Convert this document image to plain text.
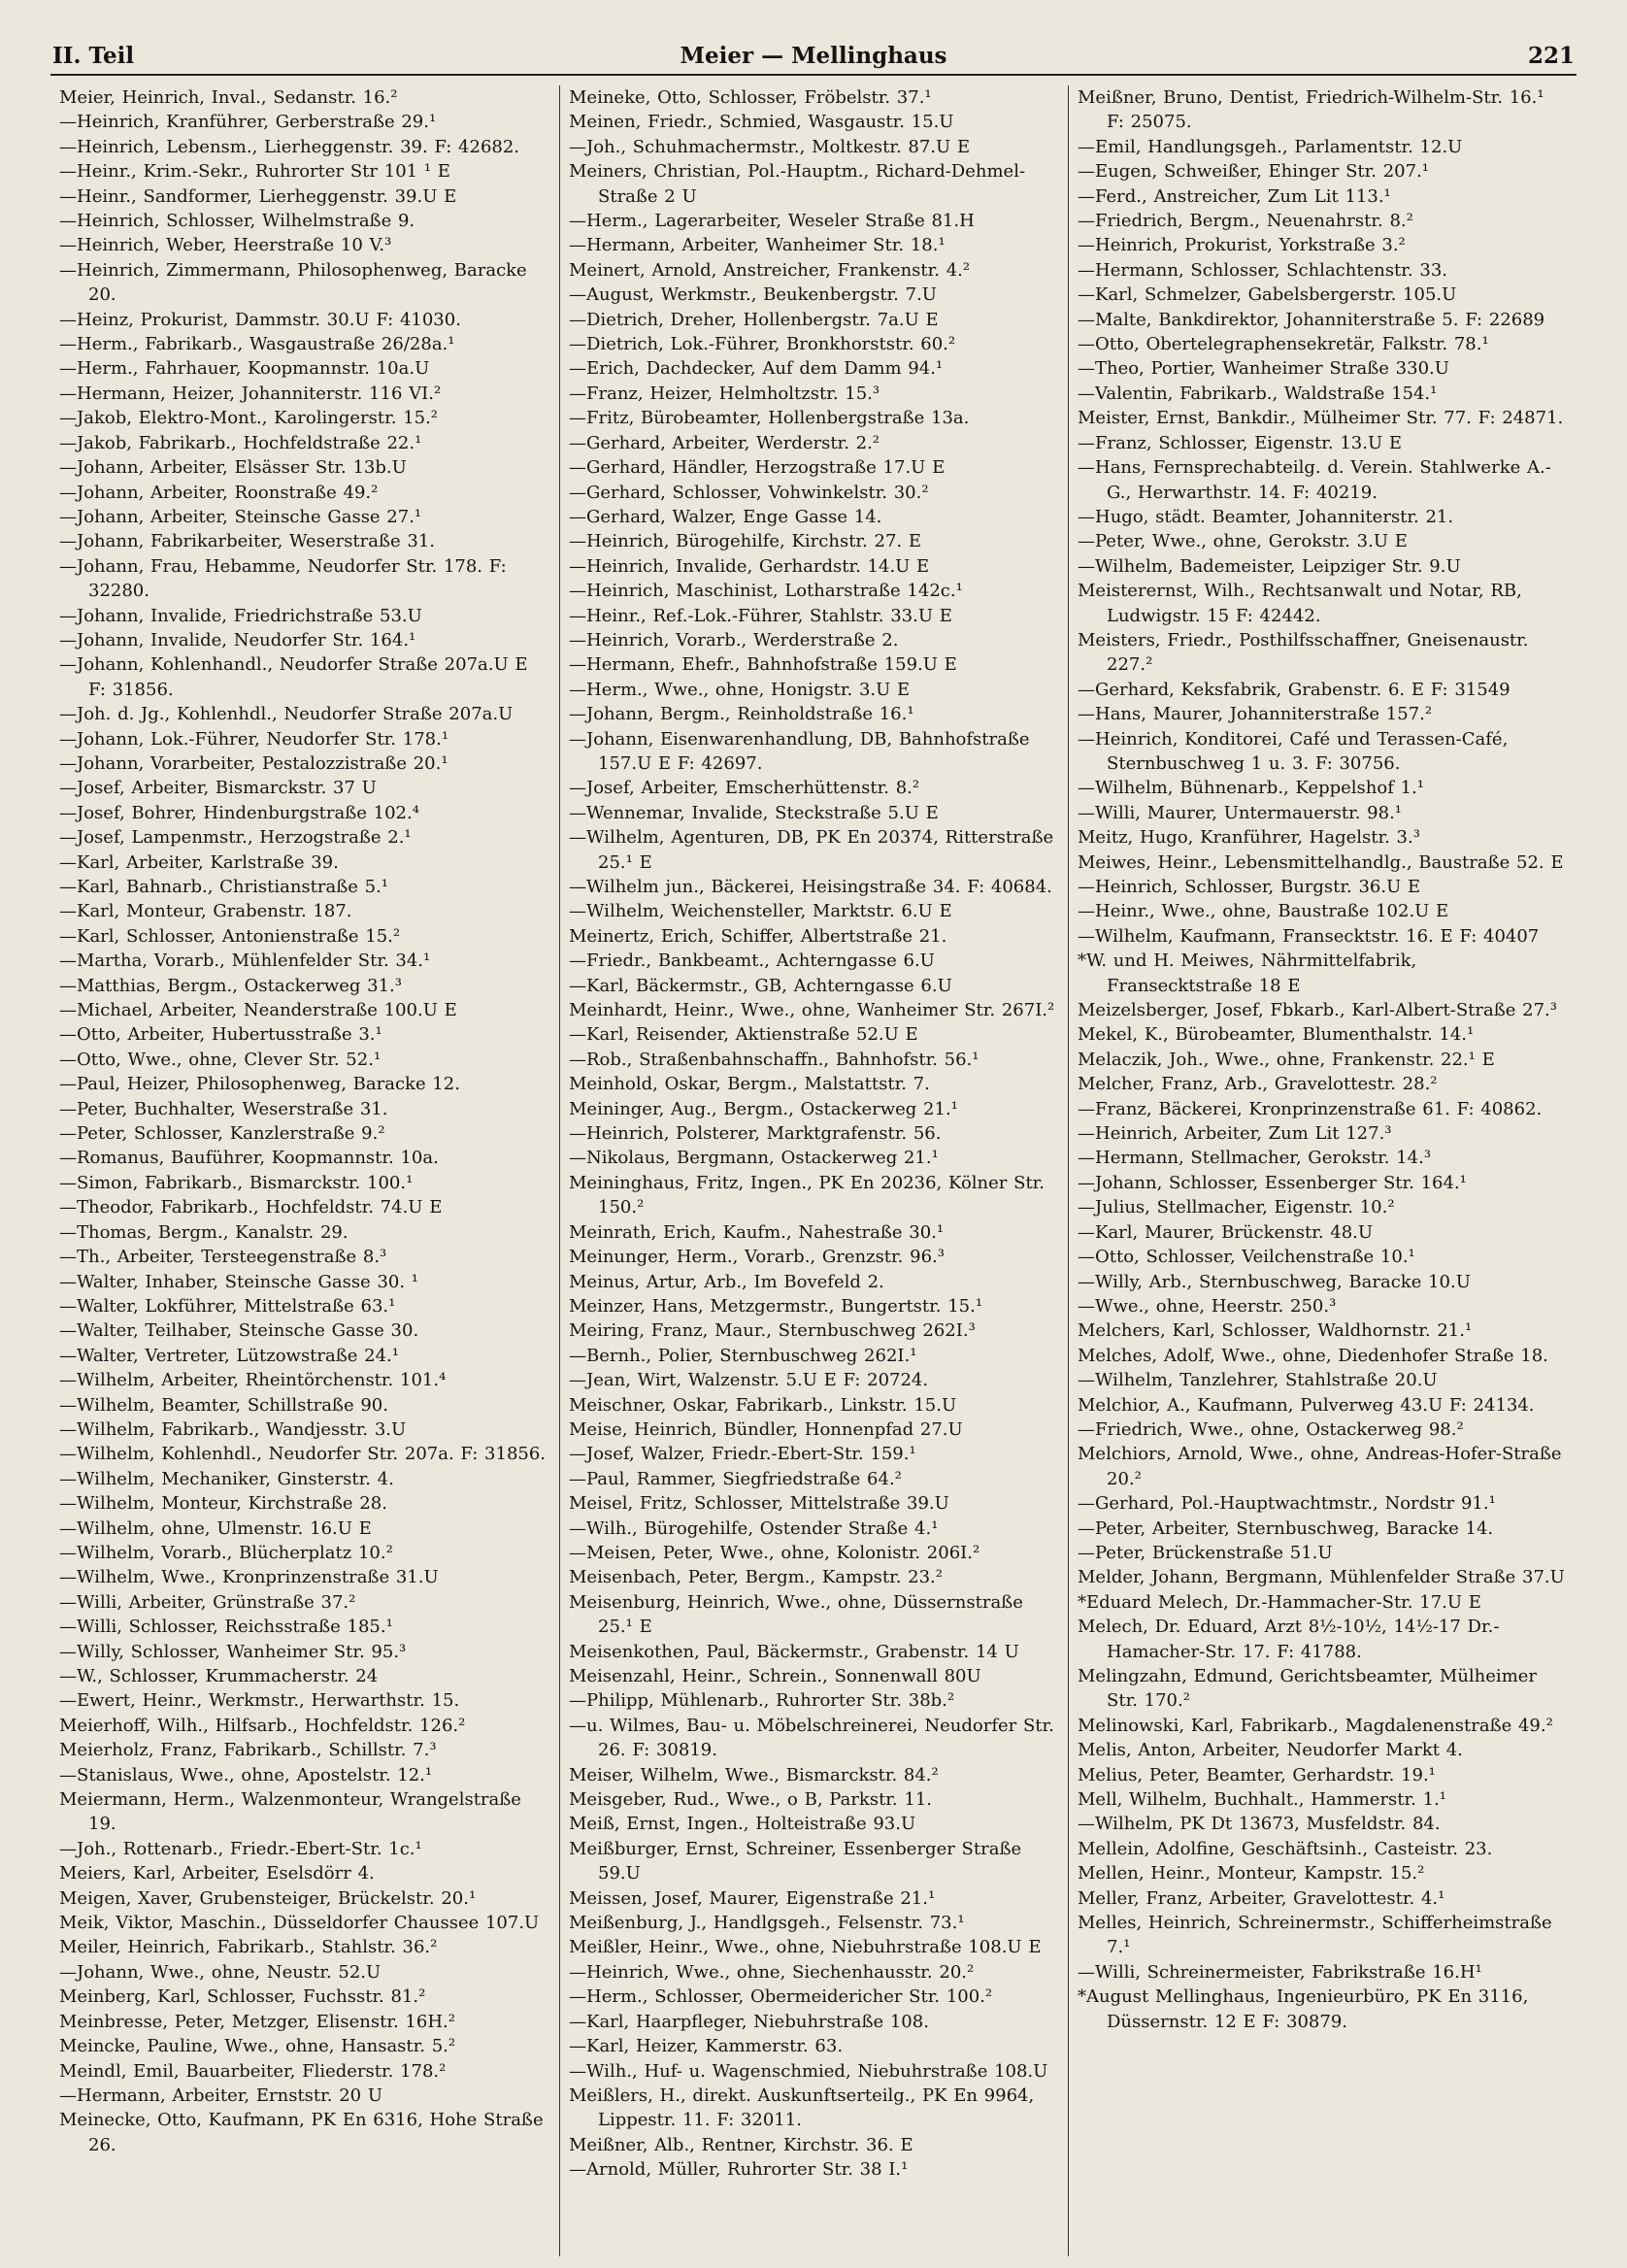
II. Teil	Meier — Mellinghaus	221

Meier, Heinrich, Inval., Sedanstr. 16.²

—Heinrich, Kranführer, Gerberstraße 29.¹

—Heinrich, Lebensm., Lierheggenstr. 39. F: 42682.

—Heinr., Krim.-Sekr., Ruhrorter Str 101 ¹ E

—Heinr., Sandformer, Lierheggenstr. 39.U E

—Heinrich, Schlosser, Wilhelmstraße 9.

—Heinrich, Weber, Heerstraße 10 V.³

—Heinrich, Zimmermann, Philosophenweg, Baracke 20.

—Heinz, Prokurist, Dammstr. 30.U F: 41030.

—Herm., Fabrikarb., Wasgaustraße 26/28a.¹

—Herm., Fahrhauer, Koopmannstr. 10a.U

—Hermann, Heizer, Johanniterstr. 116 VI.²

—Jakob, Elektro-Mont., Karolingerstr. 15.²

—Jakob, Fabrikarb., Hochfeldstraße 22.¹

—Johann, Arbeiter, Elsässer Str. 13b.U

—Johann, Arbeiter, Roonstraße 49.²

—Johann, Arbeiter, Steinsche Gasse 27.¹

—Johann, Fabrikarbeiter, Weserstraße 31.

—Johann, Frau, Hebamme, Neudorfer Str. 178. F: 32280.

—Johann, Invalide, Friedrichstraße 53.U

—Johann, Invalide, Neudorfer Str. 164.¹

—Johann, Kohlenhandl., Neudorfer Straße 207a.U E F: 31856.

—Joh. d. Jg., Kohlenhdl., Neudorfer Straße 207a.U

—Johann, Lok.-Führer, Neudorfer Str. 178.¹

—Johann, Vorarbeiter, Pestalozzistraße 20.¹

—Josef, Arbeiter, Bismarckstr. 37 U

—Josef, Bohrer, Hindenburgstraße 102.⁴

—Josef, Lampenmstr., Herzogstraße 2.¹

—Karl, Arbeiter, Karlstraße 39.

—Karl, Bahnarb., Christianstraße 5.¹

—Karl, Monteur, Grabenstr. 187.

—Karl, Schlosser, Antonienstraße 15.²

—Martha, Vorarb., Mühlenfelder Str. 34.¹

—Matthias, Bergm., Ostackerweg 31.³

—Michael, Arbeiter, Neanderstraße 100.U E

—Otto, Arbeiter, Hubertusstraße 3.¹

—Otto, Wwe., ohne, Clever Str. 52.¹

—Paul, Heizer, Philosophenweg, Baracke 12.

—Peter, Buchhalter, Weserstraße 31.

—Peter, Schlosser, Kanzlerstraße 9.²

—Romanus, Bauführer, Koopmannstr. 10a.

—Simon, Fabrikarb., Bismarckstr. 100.¹

—Theodor, Fabrikarb., Hochfeldstr. 74.U E

—Thomas, Bergm., Kanalstr. 29.

—Th., Arbeiter, Tersteegenstraße 8.³

—Walter, Inhaber, Steinsche Gasse 30. ¹

—Walter, Lokführer, Mittelstraße 63.¹

—Walter, Teilhaber, Steinsche Gasse 30.

—Walter, Vertreter, Lützowstraße 24.¹

—Wilhelm, Arbeiter, Rheintörchenstr. 101.⁴

—Wilhelm, Beamter, Schillstraße 90.

—Wilhelm, Fabrikarb., Wandjesstr. 3.U

—Wilhelm, Kohlenhdl., Neudorfer Str. 207a. F: 31856.

—Wilhelm, Mechaniker, Ginsterstr. 4.

—Wilhelm, Monteur, Kirchstraße 28.

—Wilhelm, ohne, Ulmenstr. 16.U E

—Wilhelm, Vorarb., Blücherplatz 10.²

—Wilhelm, Wwe., Kronprinzenstraße 31.U

—Willi, Arbeiter, Grünstraße 37.²

—Willi, Schlosser, Reichsstraße 185.¹

—Willy, Schlosser, Wanheimer Str. 95.³

—W., Schlosser, Krummacherstr. 24

—Ewert, Heinr., Werkmstr., Herwarthstr. 15.

Meierhoff, Wilh., Hilfsarb., Hochfeldstr. 126.²

Meierholz, Franz, Fabrikarb., Schillstr. 7.³

—Stanislaus, Wwe., ohne, Apostelstr. 12.¹

Meiermann, Herm., Walzenmonteur, Wrangelstraße 19.

—Joh., Rottenarb., Friedr.-Ebert-Str. 1c.¹

Meiers, Karl, Arbeiter, Eselsdörr 4.

Meigen, Xaver, Grubensteiger, Brückelstr. 20.¹

Meik, Viktor, Maschin., Düsseldorfer Chaussee 107.U

Meiler, Heinrich, Fabrikarb., Stahlstr. 36.²

—Johann, Wwe., ohne, Neustr. 52.U

Meinberg, Karl, Schlosser, Fuchsstr. 81.²

Meinbresse, Peter, Metzger, Elisenstr. 16H.²

Meincke, Pauline, Wwe., ohne, Hansastr. 5.²

Meindl, Emil, Bauarbeiter, Fliederstr. 178.²

—Hermann, Arbeiter, Ernststr. 20 U

Meinecke, Otto, Kaufmann, PK En 6316, Hohe Straße 26.

Meineke, Otto, Schlosser, Fröbelstr. 37.¹

Meinen, Friedr., Schmied, Wasgaustr. 15.U

—Joh., Schuhmachermstr., Moltkestr. 87.U E

Meiners, Christian, Pol.-Hauptm., Richard-Dehmel-Straße 2 U

—Herm., Lagerarbeiter, Weseler Straße 81.H

—Hermann, Arbeiter, Wanheimer Str. 18.¹

Meinert, Arnold, Anstreicher, Frankenstr. 4.²

—August, Werkmstr., Beukenbergstr. 7.U

—Dietrich, Dreher, Hollenbergstr. 7a.U E

—Dietrich, Lok.-Führer, Bronkhorststr. 60.²

—Erich, Dachdecker, Auf dem Damm 94.¹

—Franz, Heizer, Helmholtzstr. 15.³

—Fritz, Bürobeamter, Hollenbergstraße 13a.

—Gerhard, Arbeiter, Werderstr. 2.²

—Gerhard, Händler, Herzogstraße 17.U E

—Gerhard, Schlosser, Vohwinkelstr. 30.²

—Gerhard, Walzer, Enge Gasse 14.

—Heinrich, Bürogehilfe, Kirchstr. 27. E

—Heinrich, Invalide, Gerhardstr. 14.U E

—Heinrich, Maschinist, Lotharstraße 142c.¹

—Heinr., Ref.-Lok.-Führer, Stahlstr. 33.U E

—Heinrich, Vorarb., Werderstraße 2.

—Hermann, Ehefr., Bahnhofstraße 159.U E

—Herm., Wwe., ohne, Honigstr. 3.U E

—Johann, Bergm., Reinholdstraße 16.¹

—Johann, Eisenwarenhandlung, DB, Bahnhofstraße 157.U E F: 42697.

—Josef, Arbeiter, Emscherhüttenstr. 8.²

—Wennemar, Invalide, Steckstraße 5.U E

—Wilhelm, Agenturen, DB, PK En 20374, Ritterstraße 25.¹ E

—Wilhelm jun., Bäckerei, Heisingstraße 34. F: 40684.

—Wilhelm, Weichensteller, Marktstr. 6.U E

Meinertz, Erich, Schiffer, Albertstraße 21.

—Friedr., Bankbeamt., Achterngasse 6.U

—Karl, Bäckermstr., GB, Achterngasse 6.U

Meinhardt, Heinr., Wwe., ohne, Wanheimer Str. 267I.²

—Karl, Reisender, Aktienstraße 52.U E

—Rob., Straßenbahnschaffn., Bahnhofstr. 56.¹

Meinhold, Oskar, Bergm., Malstattstr. 7.

Meininger, Aug., Bergm., Ostackerweg 21.¹

—Heinrich, Polsterer, Marktgrafenstr. 56.

—Nikolaus, Bergmann, Ostackerweg 21.¹

Meininghaus, Fritz, Ingen., PK En 20236, Kölner Str. 150.²

Meinrath, Erich, Kaufm., Nahestraße 30.¹

Meinunger, Herm., Vorarb., Grenzstr. 96.³

Meinus, Artur, Arb., Im Bovefeld 2.

Meinzer, Hans, Metzgermstr., Bungertstr. 15.¹

Meiring, Franz, Maur., Sternbuschweg 262I.³

—Bernh., Polier, Sternbuschweg 262I.¹

—Jean, Wirt, Walzenstr. 5.U E F: 20724.

Meischner, Oskar, Fabrikarb., Linkstr. 15.U

Meise, Heinrich, Bündler, Honnenpfad 27.U

—Josef, Walzer, Friedr.-Ebert-Str. 159.¹

—Paul, Rammer, Siegfriedstraße 64.²

Meisel, Fritz, Schlosser, Mittelstraße 39.U

—Wilh., Bürogehilfe, Ostender Straße 4.¹

—Meisen, Peter, Wwe., ohne, Kolonistr. 206I.²

Meisenbach, Peter, Bergm., Kampstr. 23.²

Meisenburg, Heinrich, Wwe., ohne, Düssernstraße 25.¹ E

Meisenkothen, Paul, Bäckermstr., Grabenstr. 14 U

Meisenzahl, Heinr., Schrein., Sonnenwall 80U

—Philipp, Mühlenarb., Ruhrorter Str. 38b.²

—u. Wilmes, Bau- u. Möbelschreinerei, Neudorfer Str. 26. F: 30819.

Meiser, Wilhelm, Wwe., Bismarckstr. 84.²

Meisgeber, Rud., Wwe., o B, Parkstr. 11.

Meiß, Ernst, Ingen., Holteistraße 93.U

Meißburger, Ernst, Schreiner, Essenberger Straße 59.U

Meissen, Josef, Maurer, Eigenstraße 21.¹

Meißenburg, J., Handlgsgeh., Felsenstr. 73.¹

Meißler, Heinr., Wwe., ohne, Niebuhrstraße 108.U E

—Heinrich, Wwe., ohne, Siechenhausstr. 20.²

—Herm., Schlosser, Obermeidericher Str. 100.²

—Karl, Haarpfleger, Niebuhrstraße 108.

—Karl, Heizer, Kammerstr. 63.

—Wilh., Huf- u. Wagenschmied, Niebuhrstraße 108.U

Meißlers, H., direkt. Auskunftserteilg., PK En 9964, Lippestr. 11. F: 32011.

Meißner, Alb., Rentner, Kirchstr. 36. E

—Arnold, Müller, Ruhrorter Str. 38 I.¹

Meißner, Bruno, Dentist, Friedrich-Wilhelm-Str. 16.¹ F: 25075.

—Emil, Handlungsgeh., Parlamentstr. 12.U

—Eugen, Schweißer, Ehinger Str. 207.¹

—Ferd., Anstreicher, Zum Lit 113.¹

—Friedrich, Bergm., Neuenahrstr. 8.²

—Heinrich, Prokurist, Yorkstraße 3.²

—Hermann, Schlosser, Schlachtenstr. 33.

—Karl, Schmelzer, Gabelsbergerstr. 105.U

—Malte, Bankdirektor, Johanniterstraße 5. F: 22689

—Otto, Obertelegraphensekretär, Falkstr. 78.¹

—Theo, Portier, Wanheimer Straße 330.U

—Valentin, Fabrikarb., Waldstraße 154.¹

Meister, Ernst, Bankdir., Mülheimer Str. 77. F: 24871.

—Franz, Schlosser, Eigenstr. 13.U E

—Hans, Fernsprechabteilg. d. Verein. Stahlwerke A.-G., Herwarthstr. 14. F: 40219.

—Hugo, städt. Beamter, Johanniterstr. 21.

—Peter, Wwe., ohne, Gerokstr. 3.U E

—Wilhelm, Bademeister, Leipziger Str. 9.U

Meisterernst, Wilh., Rechtsanwalt und Notar, RB, Ludwigstr. 15 F: 42442.

Meisters, Friedr., Posthilfsschaffner, Gneisenaustr. 227.²

—Gerhard, Keksfabrik, Grabenstr. 6. E F: 31549

—Hans, Maurer, Johanniterstraße 157.²

—Heinrich, Konditorei, Café und Terassen-Café, Sternbuschweg 1 u. 3. F: 30756.

—Wilhelm, Bühnenarb., Keppelshof 1.¹

—Willi, Maurer, Untermauerstr. 98.¹

Meitz, Hugo, Kranführer, Hagelstr. 3.³

Meiwes, Heinr., Lebensmittelhandlg., Baustraße 52. E

—Heinrich, Schlosser, Burgstr. 36.U E

—Heinr., Wwe., ohne, Baustraße 102.U E

—Wilhelm, Kaufmann, Fransecktstr. 16. E F: 40407

*W. und H. Meiwes, Nährmittelfabrik, Fransecktstraße 18 E

Meizelsberger, Josef, Fbkarb., Karl-Albert-Straße 27.³

Mekel, K., Bürobeamter, Blumenthalstr. 14.¹

Melaczik, Joh., Wwe., ohne, Frankenstr. 22.¹ E

Melcher, Franz, Arb., Gravelottestr. 28.²

—Franz, Bäckerei, Kronprinzenstraße 61. F: 40862.

—Heinrich, Arbeiter, Zum Lit 127.³

—Hermann, Stellmacher, Gerokstr. 14.³

—Johann, Schlosser, Essenberger Str. 164.¹

—Julius, Stellmacher, Eigenstr. 10.²

—Karl, Maurer, Brückenstr. 48.U

—Otto, Schlosser, Veilchenstraße 10.¹

—Willy, Arb., Sternbuschweg, Baracke 10.U

—Wwe., ohne, Heerstr. 250.³

Melchers, Karl, Schlosser, Waldhornstr. 21.¹

Melches, Adolf, Wwe., ohne, Diedenhofer Straße 18.

—Wilhelm, Tanzlehrer, Stahlstraße 20.U

Melchior, A., Kaufmann, Pulverweg 43.U F: 24134.

—Friedrich, Wwe., ohne, Ostackerweg 98.²

Melchiors, Arnold, Wwe., ohne, Andreas-Hofer-Straße 20.²

—Gerhard, Pol.-Hauptwachtmstr., Nordstr 91.¹

—Peter, Arbeiter, Sternbuschweg, Baracke 14.

—Peter, Brückenstraße 51.U

Melder, Johann, Bergmann, Mühlenfelder Straße 37.U

*Eduard Melech, Dr.-Hammacher-Str. 17.U E

Melech, Dr. Eduard, Arzt 8½-10½, 14½-17 Dr.-Hamacher-Str. 17. F: 41788.

Melingzahn, Edmund, Gerichtsbeamter, Mülheimer Str. 170.²

Melinowski, Karl, Fabrikarb., Magdalenenstraße 49.²

Melis, Anton, Arbeiter, Neudorfer Markt 4.

Melius, Peter, Beamter, Gerhardstr. 19.¹

Mell, Wilhelm, Buchhalt., Hammerstr. 1.¹

—Wilhelm, PK Dt 13673, Musfeldstr. 84.

Mellein, Adolfine, Geschäftsinh., Casteistr. 23.

Mellen, Heinr., Monteur, Kampstr. 15.²

Meller, Franz, Arbeiter, Gravelottestr. 4.¹

Melles, Heinrich, Schreinermstr., Schifferheimstraße 7.¹

—Willi, Schreinermeister, Fabrikstraße 16.H¹

*August Mellinghaus, Ingenieurbüro, PK En 3116, Düssernstr. 12 E F: 30879.
